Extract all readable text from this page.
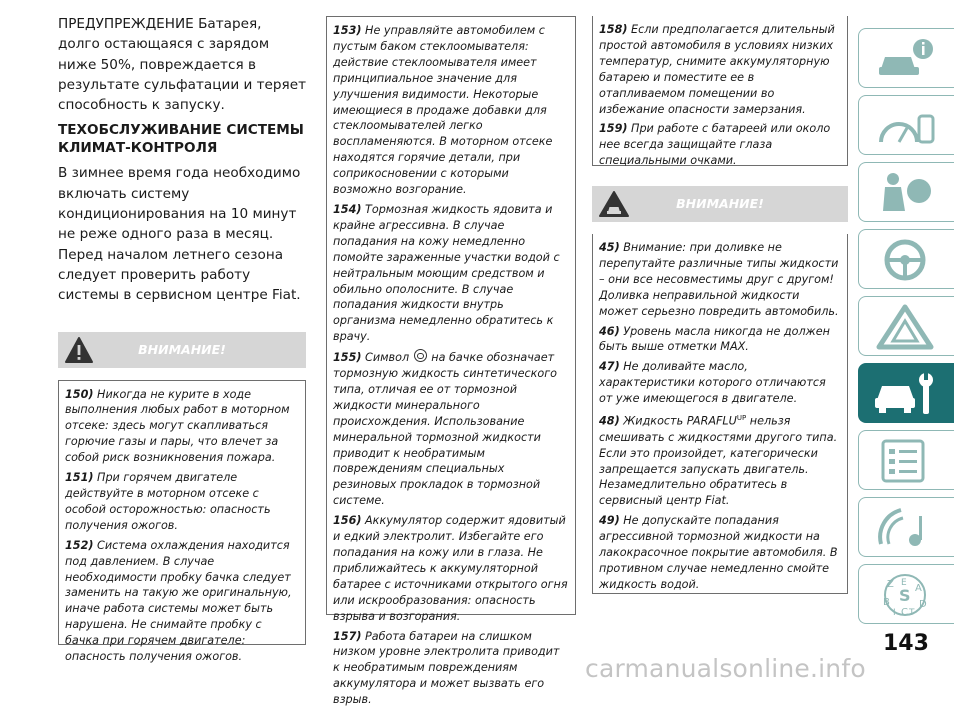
ПРЕДУПРЕЖДЕНИЕ Батарея, долго остающаяся с зарядом ниже 50%, повреждается в результате сульфатации и теряет способность к запуску.

ТЕХОБСЛУЖИВАНИЕ СИСТЕМЫ КЛИМАТ-КОНТРОЛЯ

В зимнее время года необходимо включать систему кондиционирования на 10 минут не реже одного раза в месяц. Перед началом летнего сезона следует проверить работу системы в сервисном центре Fiat.

ВНИМАНИЕ!

150) Никогда не курите в ходе выполнения любых работ в моторном отсеке: здесь могут скапливаться горючие газы и пары, что влечет за собой риск возникновения пожара.

151) При горячем двигателе действуйте в моторном отсеке с особой осторожностью: опасность получения ожогов.

152) Система охлаждения находится под давлением. В случае необходимости пробку бачка следует заменить на такую же оригинальную, иначе работа системы может быть нарушена. Не снимайте пробку с бачка при горячем двигателе: опасность получения ожогов.

153) Не управляйте автомобилем с пустым баком стеклоомывателя: действие стеклоомывателя имеет принципиальное значение для улучшения видимости. Некоторые имеющиеся в продаже добавки для стеклоомывателей легко воспламеняются. В моторном отсеке находятся горячие детали, при соприкосновении с которыми возможно возгорание.

154) Тормозная жидкость ядовита и крайне агрессивна. В случае попадания на кожу немедленно помойте зараженные участки водой с нейтральным моющим средством и обильно ополосните. В случае попадания жидкости внутрь организма немедленно обратитесь к врачу.

155) Символ на бачке обозначает тормозную жидкость синтетического типа, отличая ее от тормозной жидкости минерального происхождения. Использование минеральной тормозной жидкости приводит к необратимым повреждениям специальных резиновых прокладок в тормозной системе.

156) Аккумулятор содержит ядовитый и едкий электролит. Избегайте его попадания на кожу или в глаза. Не приближайтесь к аккумуляторной батарее с источниками открытого огня или искрообразования: опасность взрыва и возгорания.

157) Работа батареи на слишком низком уровне электролита приводит к необратимым повреждениям аккумулятора и может вызвать его взрыв.

158) Если предполагается длительный простой автомобиля в условиях низких температур, снимите аккумуляторную батарею и поместите ее в отапливаемом помещении во избежание опасности замерзания.

159) При работе с батареей или около нее всегда защищайте глаза специальными очками.

ВНИМАНИЕ!

45) Внимание: при доливке не перепутайте различные типы жидкости – они все несовместимы друг с другом! Доливка неправильной жидкости может серьезно повредить автомобиль.

46) Уровень масла никогда не должен быть выше отметки MAX.

47) Не доливайте масло, характеристики которого отличаются от уже имеющегося в двигателе.

48) Жидкость $PARAFLU^{UP}$ нельзя смешивать с жидкостями другого типа. Если это произойдет, категорически запрещается запускать двигатель. Незамедлительно обратитесь в сервисный центр Fiat.

49) Не допускайте попадания агрессивной тормозной жидкости на лакокрасочное покрытие автомобиля. В противном случае немедленно смойте жидкость водой.	Z E
S A
B	D
I C T
143
carmanualsonline.info
